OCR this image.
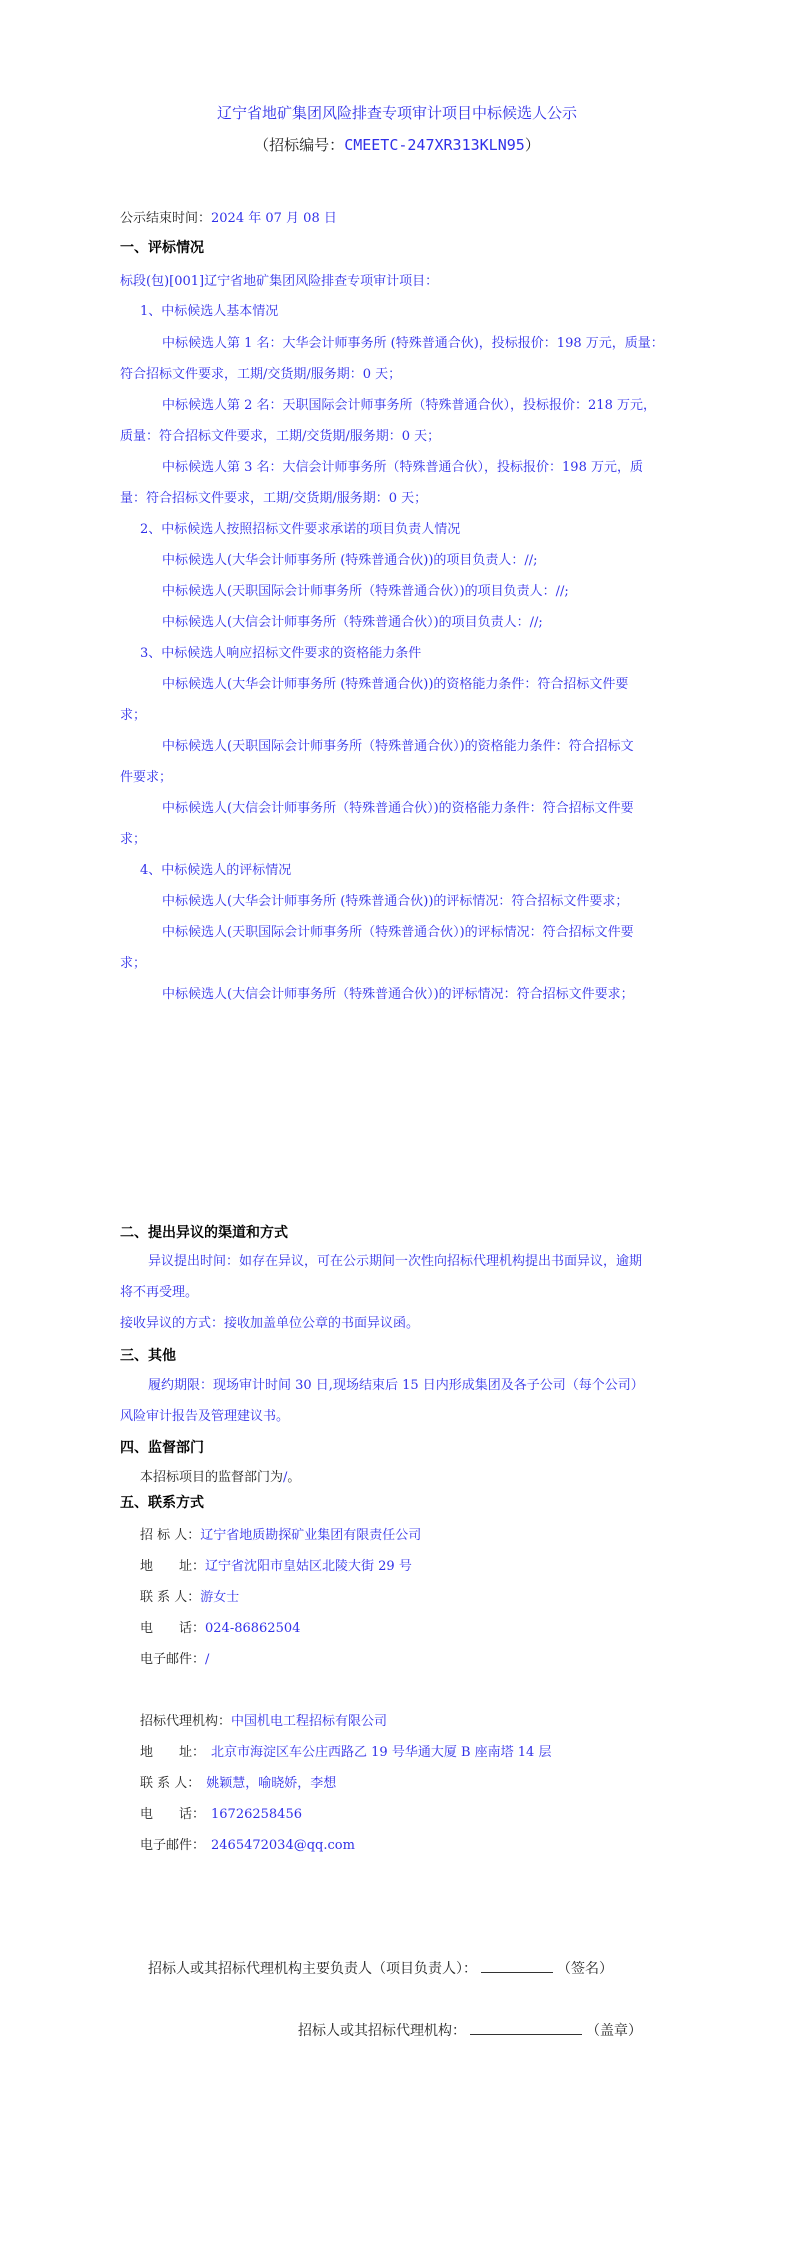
辽宁省地矿集团风险排查专项审计项目中标候选人公示
（招标编号：CMEETC-247XR313KLN95）
公示结束时间：2024 年 07 月 08 日
一、评标情况
标段(包)[001]辽宁省地矿集团风险排查专项审计项目：
1、中标候选人基本情况
中标候选人第 1 名：大华会计师事务所 (特殊普通合伙)，投标报价：198 万元，质量：
符合招标文件要求，工期/交货期/服务期：0 天；
中标候选人第 2 名：天职国际会计师事务所（特殊普通合伙），投标报价：218 万元，
质量：符合招标文件要求，工期/交货期/服务期：0 天；
中标候选人第 3 名：大信会计师事务所（特殊普通合伙），投标报价：198 万元，质
量：符合招标文件要求，工期/交货期/服务期：0 天；
2、中标候选人按照招标文件要求承诺的项目负责人情况
中标候选人(大华会计师事务所 (特殊普通合伙))的项目负责人：//;
中标候选人(天职国际会计师事务所（特殊普通合伙）)的项目负责人：//;
中标候选人(大信会计师事务所（特殊普通合伙）)的项目负责人：//;
3、中标候选人响应招标文件要求的资格能力条件
中标候选人(大华会计师事务所 (特殊普通合伙))的资格能力条件：符合招标文件要
求；
中标候选人(天职国际会计师事务所（特殊普通合伙）)的资格能力条件：符合招标文
件要求；
中标候选人(大信会计师事务所（特殊普通合伙）)的资格能力条件：符合招标文件要
求；
4、中标候选人的评标情况
中标候选人(大华会计师事务所 (特殊普通合伙))的评标情况：符合招标文件要求；
中标候选人(天职国际会计师事务所（特殊普通合伙）)的评标情况：符合招标文件要
求；
中标候选人(大信会计师事务所（特殊普通合伙）)的评标情况：符合招标文件要求；
二、提出异议的渠道和方式
异议提出时间：如存在异议，可在公示期间一次性向招标代理机构提出书面异议，逾期
将不再受理。
接收异议的方式：接收加盖单位公章的书面异议函。
三、其他
履约期限：现场审计时间 30 日,现场结束后 15 日内形成集团及各子公司（每个公司）
风险审计报告及管理建议书。
四、监督部门
本招标项目的监督部门为/。
五、联系方式
招 标 人：辽宁省地质勘探矿业集团有限责任公司
地　　址：辽宁省沈阳市皇姑区北陵大街 29 号
联 系 人：游女士
电　　话：024-86862504
电子邮件：/
招标代理机构：中国机电工程招标有限公司
地　　址： 北京市海淀区车公庄西路乙 19 号华通大厦 B 座南塔 14 层
联 系 人： 姚颖慧，喻晓娇，李想
电　　话： 16726258456
电子邮件： 2465472034@qq.com
招标人或其招标代理机构主要负责人（项目负责人）：	（签名）
招标人或其招标代理机构：	（盖章）
